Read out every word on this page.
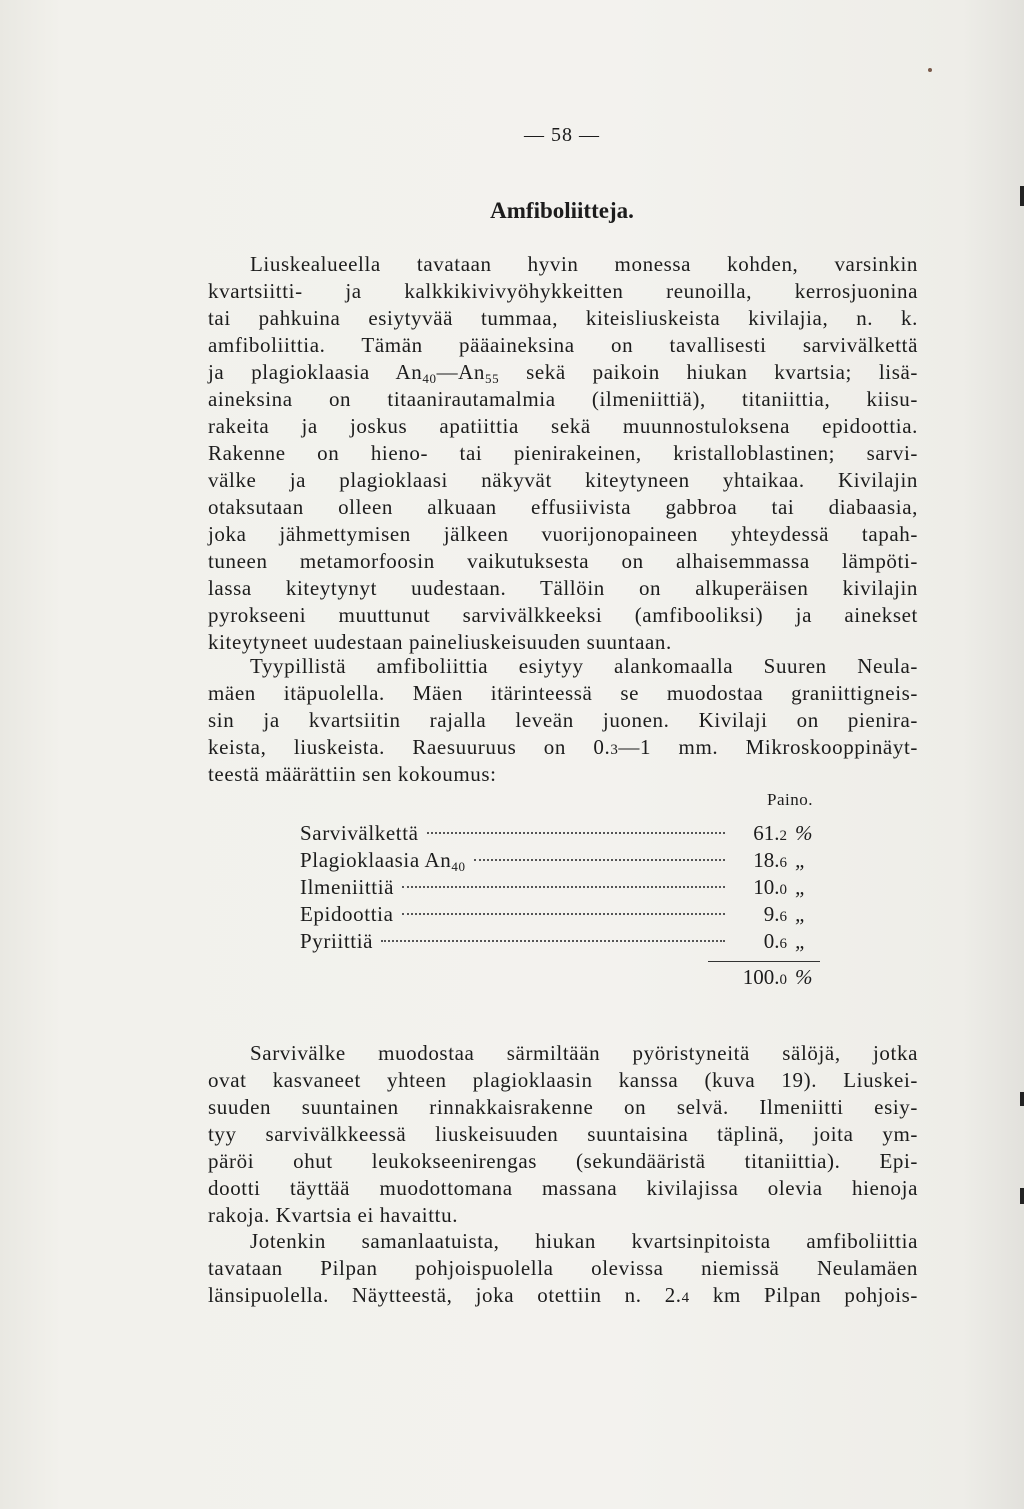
— 58 —
Amfiboliitteja.
Liuskealueella tavataan hyvin monessa kohden, varsinkin
kvartsiitti- ja kalkkikivivyöhykkeitten reunoilla, kerrosjuonina
tai pahkuina esiytyvää tummaa, kiteisliuskeista kivilajia, n. k.
amfiboliittia. Tämän pääaineksina on tavallisesti sarvivälkettä
ja plagioklaasia $An_{40}—An_{55}$ sekä paikoin hiukan kvartsia; lisä-
aineksina on titaanirautamalmia (ilmeniittiä), titaniittia, kiisu-
rakeita ja joskus apatiittia sekä muunnostuloksena epidoottia.
Rakenne on hieno- tai pienirakeinen, kristalloblastinen; sarvi-
välke ja plagioklaasi näkyvät kiteytyneen yhtaikaa. Kivilajin
otaksutaan olleen alkuaan effusiivista gabbroa tai diabaasia,
joka jähmettymisen jälkeen vuorijonopaineen yhteydessä tapah-
tuneen metamorfoosin vaikutuksesta on alhaisemmassa lämpöti-
lassa kiteytynyt uudestaan. Tällöin on alkuperäisen kivilajin
pyrokseeni muuttunut sarvivälkkeeksi (amfibooliksi) ja ainekset
kiteytyneet uudestaan paineliuskeisuuden suuntaan.
Tyypillistä amfiboliittia esiytyy alankomaalla Suuren Neula-
mäen itäpuolella. Mäen itärinteessä se muodostaa graniittigneis-
sin ja kvartsiitin rajalla leveän juonen. Kivilaji on pienira-
keista, liuskeista. Raesuuruus on 0.3—1 mm. Mikroskooppinäyt-
teestä määrättiin sen kokoumus:
Paino.
Sarvivälkettä	61.2 %
Plagioklaasia $An_{40}$	18.6 „
Ilmeniittiä	10.0 „
Epidoottia	9.6 „
Pyriittiä	0.6 „
100.0 %
Sarvivälke muodostaa särmiltään pyöristyneitä sälöjä, jotka
ovat kasvaneet yhteen plagioklaasin kanssa (kuva 19). Liuskei-
suuden suuntainen rinnakkaisrakenne on selvä. Ilmeniitti esiy-
tyy sarvivälkkeessä liuskeisuuden suuntaisina täplinä, joita ym-
päröi ohut leukokseenirengas (sekundääristä titaniittia). Epi-
dootti täyttää muodottomana massana kivilajissa olevia hienoja
rakoja. Kvartsia ei havaittu.
Jotenkin samanlaatuista, hiukan kvartsinpitoista amfiboliittia
tavataan Pilpan pohjoispuolella olevissa niemissä Neulamäen
länsipuolella. Näytteestä, joka otettiin n. 2.4 km Pilpan pohjois-
